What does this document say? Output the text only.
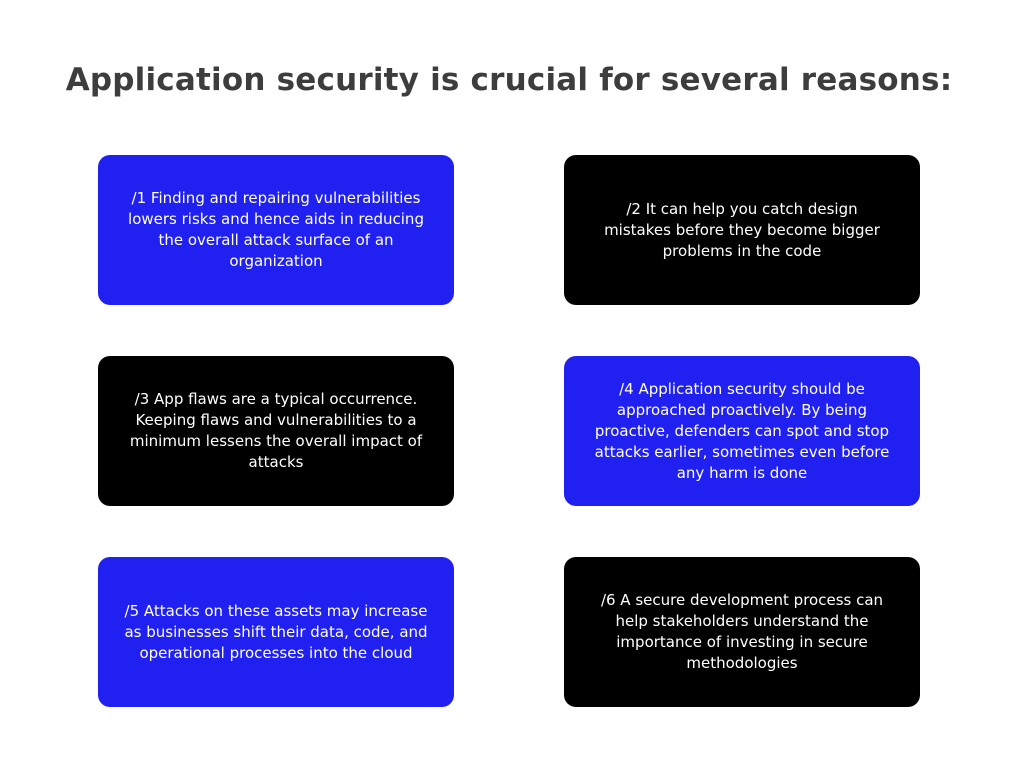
Application security is crucial for several reasons:
/1 Finding and repairing vulnerabilities
lowers risks and hence aids in reducing
the overall attack surface of an
organization
/2 It can help you catch design
mistakes before they become bigger
problems in the code
/3 App flaws are a typical occurrence.
Keeping flaws and vulnerabilities to a
minimum lessens the overall impact of
attacks
/4 Application security should be
approached proactively. By being
proactive, defenders can spot and stop
attacks earlier, sometimes even before
any harm is done
/5 Attacks on these assets may increase
as businesses shift their data, code, and
operational processes into the cloud
/6 A secure development process can
help stakeholders understand the
importance of investing in secure
methodologies
